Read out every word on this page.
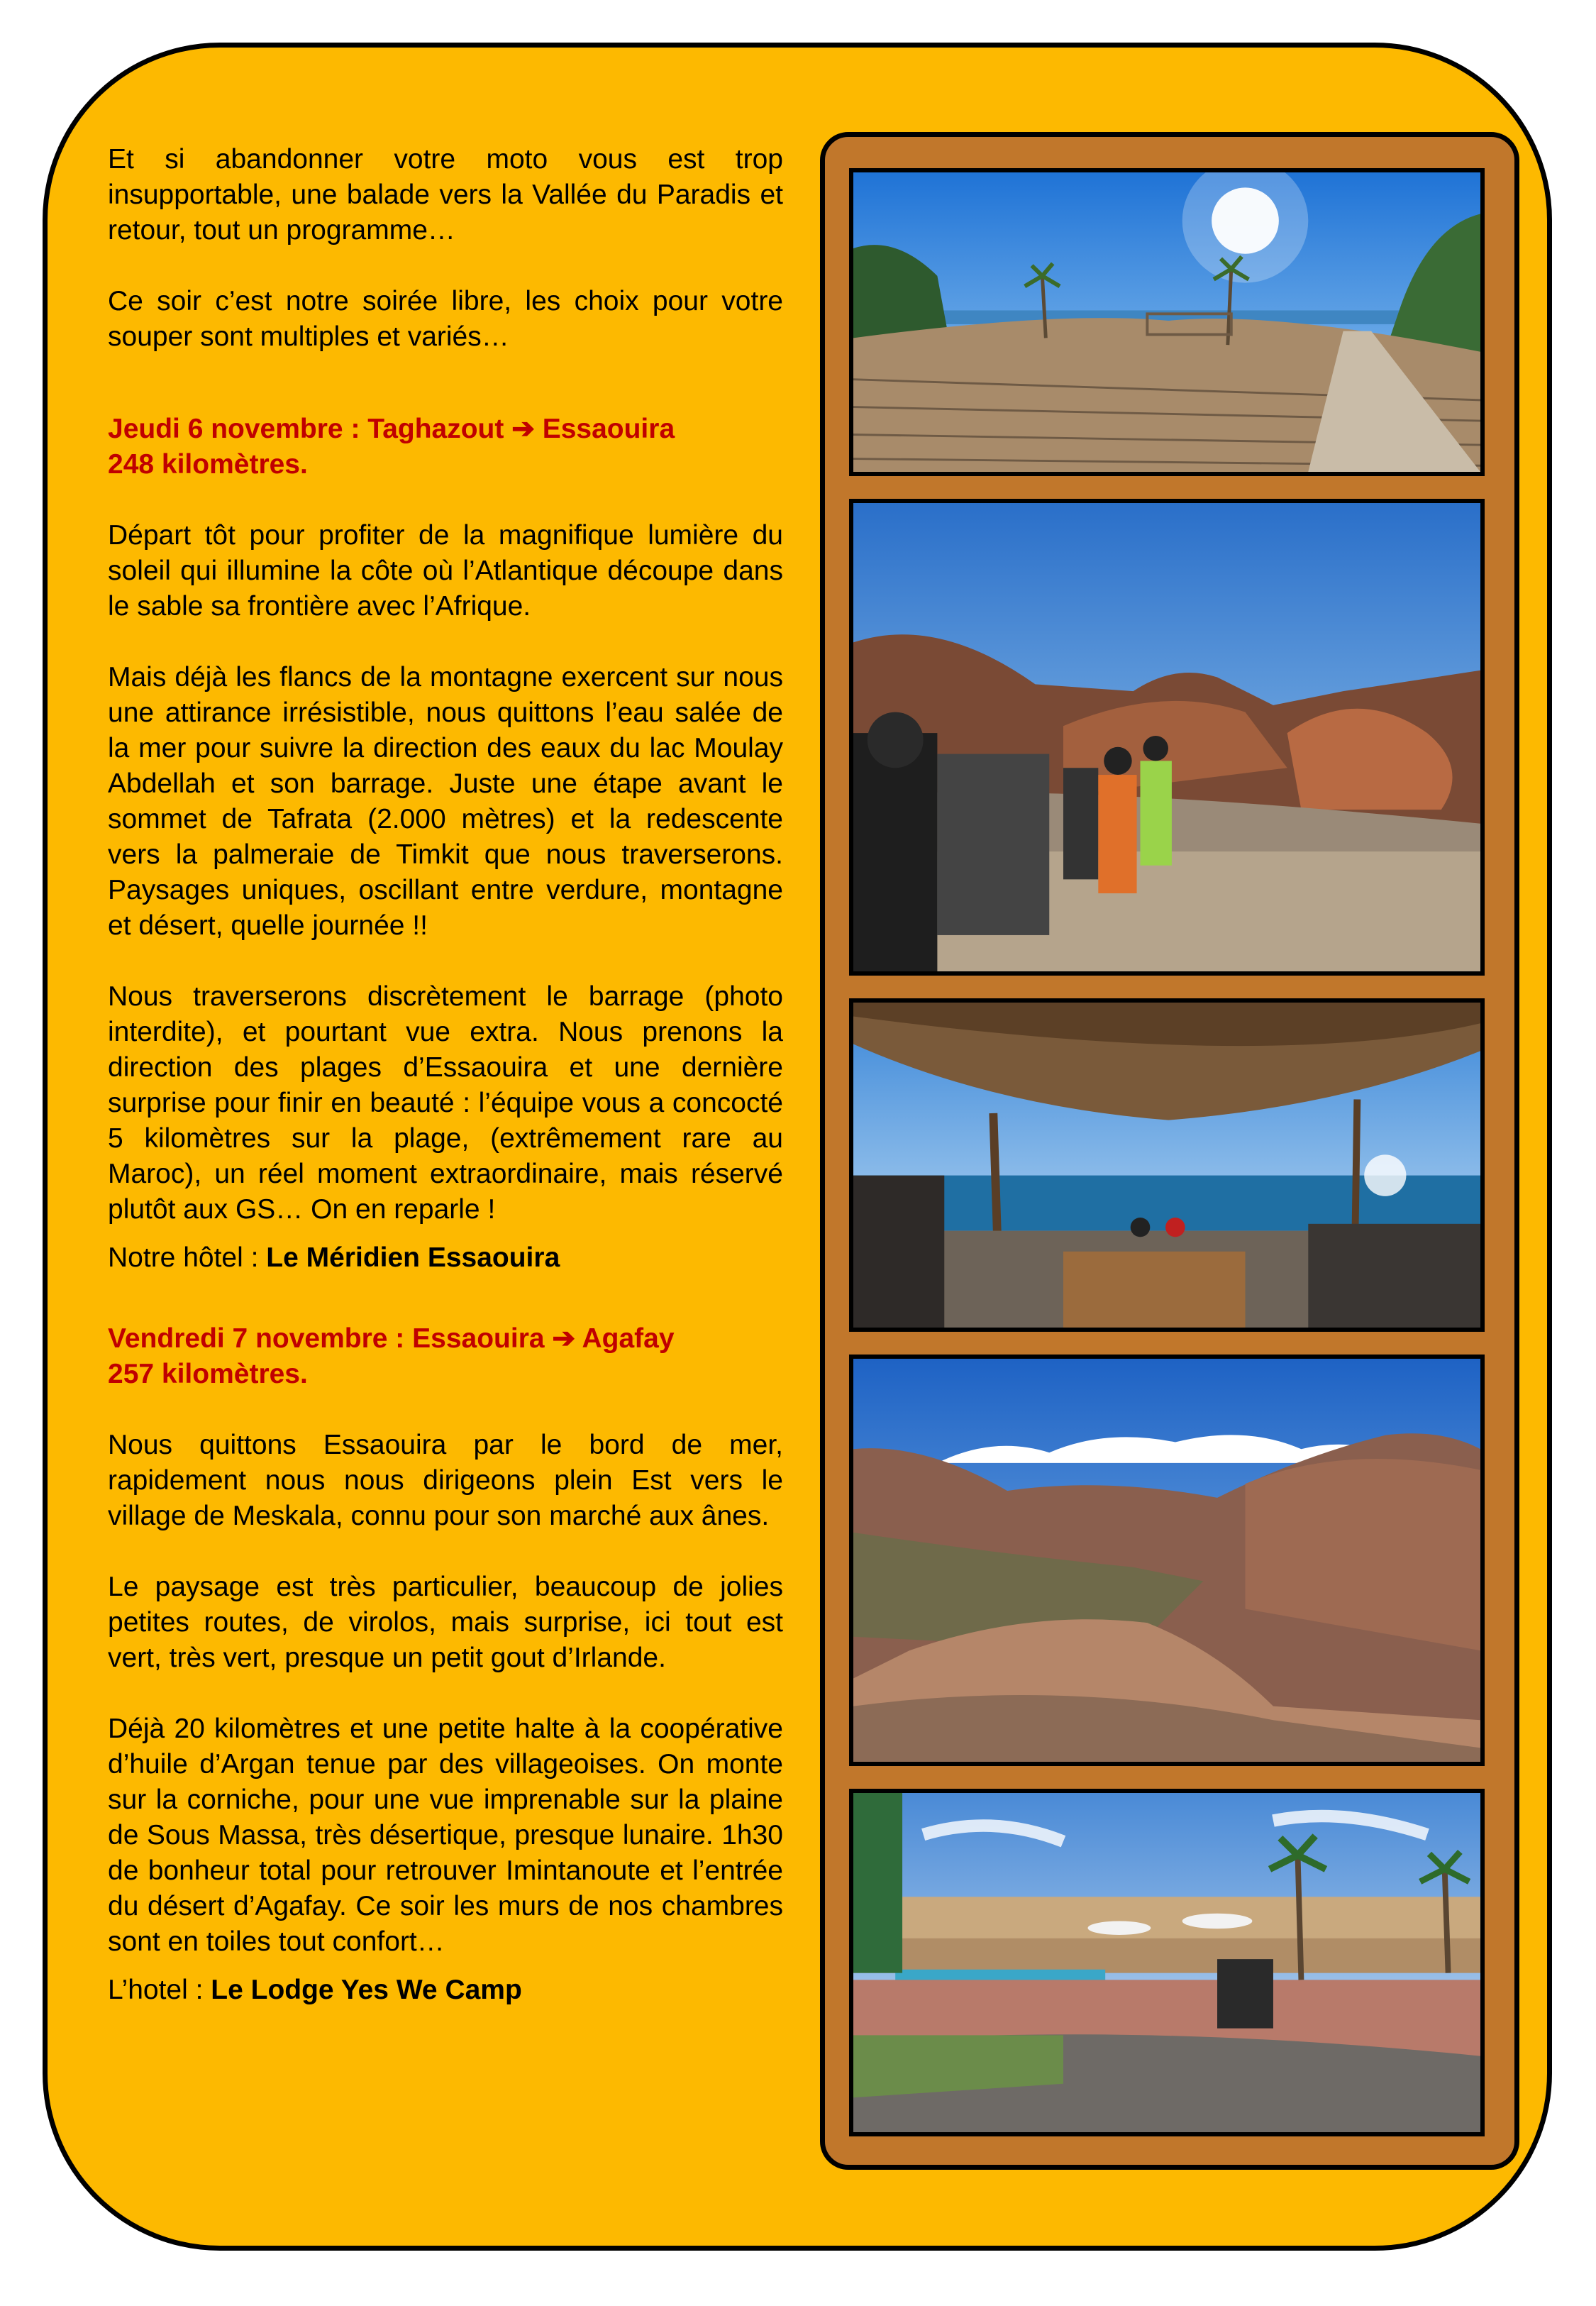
Et si abandonner votre moto vous est trop insupportable, une balade vers la Vallée du Paradis et retour, tout un programme…

Ce soir c’est notre soirée libre, les choix pour votre souper sont multiples et variés…

Jeudi 6 novembre : Taghazout ➔ Essaouira
248 kilomètres.

Départ tôt pour profiter de la magnifique lumière du soleil qui illumine la côte où l’Atlantique découpe dans le sable sa frontière avec l’Afrique.

Mais déjà les flancs de la montagne exercent sur nous une attirance irrésistible, nous quittons l’eau salée de la mer pour suivre la direction des eaux du lac Moulay Abdellah et son barrage. Juste une étape avant le sommet de Tafrata (2.000 mètres) et la redescente vers la palmeraie de Timkit que nous traverserons. Paysages uniques, oscillant entre verdure, montagne et désert, quelle journée !!

Nous traverserons discrètement le barrage (photo interdite), et pourtant vue extra. Nous prenons la direction des plages d’Essaouira et une dernière surprise pour finir en beauté : l’équipe vous a concocté 5 kilomètres sur la plage, (extrêmement rare au Maroc), un réel moment extraordinaire, mais réservé plutôt aux GS… On en reparle !

Notre hôtel : Le Méridien Essaouira

Vendredi 7 novembre : Essaouira ➔ Agafay
257 kilomètres.

Nous quittons Essaouira par le bord de mer, rapidement nous nous dirigeons plein Est vers le village de Meskala, connu pour son marché aux ânes.

Le paysage est très particulier, beaucoup de jolies petites routes, de virolos, mais surprise, ici tout est vert, très vert, presque un petit gout d’Irlande.

Déjà 20 kilomètres et une petite halte à la coopérative d’huile d’Argan tenue par des villageoises. On monte sur la corniche, pour une vue imprenable sur la plaine de Sous Massa, très désertique, presque lunaire. 1h30 de bonheur total pour retrouver Imintanoute et l’entrée du désert d’Agafay. Ce soir les murs de nos chambres sont en toiles tout confort…

L’hotel : Le Lodge Yes We Camp
